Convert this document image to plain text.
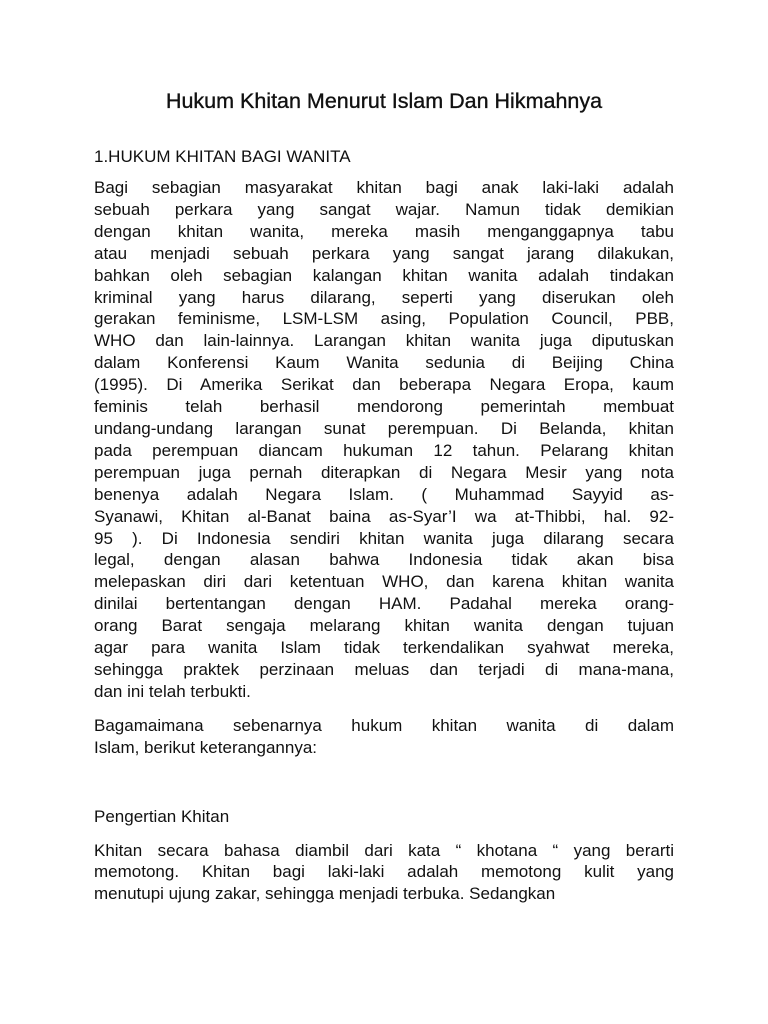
Hukum Khitan Menurut Islam Dan Hikmahnya
1.HUKUM KHITAN BAGI WANITA
Bagi sebagian masyarakat khitan bagi anak laki-laki adalah
sebuah perkara yang sangat wajar. Namun tidak demikian
dengan khitan wanita, mereka masih menganggapnya tabu
atau menjadi sebuah perkara yang sangat jarang dilakukan,
bahkan oleh sebagian kalangan khitan wanita adalah tindakan
kriminal yang harus dilarang, seperti yang diserukan oleh
gerakan feminisme, LSM-LSM asing, Population Council, PBB,
WHO dan lain-lainnya. Larangan khitan wanita juga diputuskan
dalam Konferensi Kaum Wanita sedunia di Beijing China
(1995). Di Amerika Serikat dan beberapa Negara Eropa, kaum
feminis telah berhasil mendorong pemerintah membuat
undang-undang larangan sunat perempuan. Di Belanda, khitan
pada perempuan diancam hukuman 12 tahun. Pelarang khitan
perempuan juga pernah diterapkan di Negara Mesir yang nota
benenya adalah Negara Islam. ( Muhammad Sayyid as-
Syanawi, Khitan al-Banat baina as-Syar’I wa at-Thibbi, hal. 92-
95 ). Di Indonesia sendiri khitan wanita juga dilarang secara
legal, dengan alasan bahwa Indonesia tidak akan bisa
melepaskan diri dari ketentuan WHO, dan karena khitan wanita
dinilai bertentangan dengan HAM. Padahal mereka orang-
orang Barat sengaja melarang khitan wanita dengan tujuan
agar para wanita Islam tidak terkendalikan syahwat mereka,
sehingga praktek perzinaan meluas dan terjadi di mana-mana,
dan ini telah terbukti.
Bagamaimana sebenarnya hukum khitan wanita di dalam
Islam, berikut keterangannya:
Pengertian Khitan
Khitan secara bahasa diambil dari kata “ khotana “ yang berarti
memotong. Khitan bagi laki-laki adalah memotong kulit yang
menutupi ujung zakar, sehingga menjadi terbuka. Sedangkan
